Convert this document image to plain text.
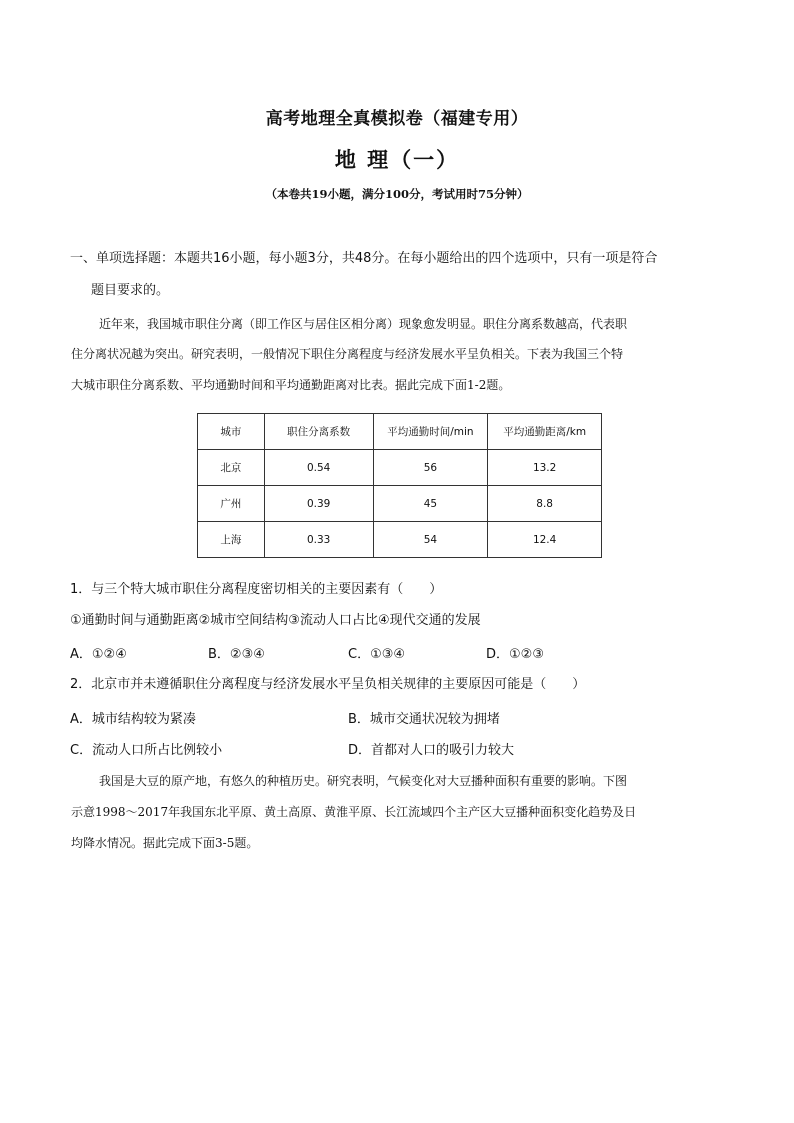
高考地理全真模拟卷（福建专用）
地 理（一）
（本卷共19小题，满分100分，考试用时75分钟）
一、单项选择题：本题共16小题，每小题3分，共48分。在每小题给出的四个选项中，只有一项是符合
题目要求的。
近年来，我国城市职住分离（即工作区与居住区相分离）现象愈发明显。职住分离系数越高，代表职
住分离状况越为突出。研究表明，一般情况下职住分离程度与经济发展水平呈负相关。下表为我国三个特
大城市职住分离系数、平均通勤时间和平均通勤距离对比表。据此完成下面1-2题。
城市	职住分离系数	平均通勤时间/min	平均通勤距离/km
北京	0.54	56	13.2
广州	0.39	45	8.8
上海	0.33	54	12.4
1．与三个特大城市职住分离程度密切相关的主要因素有（　　）
①通勤时间与通勤距离②城市空间结构③流动人口占比④现代交通的发展
A．①②④	B．②③④	C．①③④	D．①②③
2．北京市并未遵循职住分离程度与经济发展水平呈负相关规律的主要原因可能是（　　）
A．城市结构较为紧凑	B．城市交通状况较为拥堵
C．流动人口所占比例较小	D．首都对人口的吸引力较大
我国是大豆的原产地，有悠久的种植历史。研究表明，气候变化对大豆播种面积有重要的影响。下图
示意1998～2017年我国东北平原、黄土高原、黄淮平原、长江流域四个主产区大豆播种面积变化趋势及日
均降水情况。据此完成下面3-5题。
